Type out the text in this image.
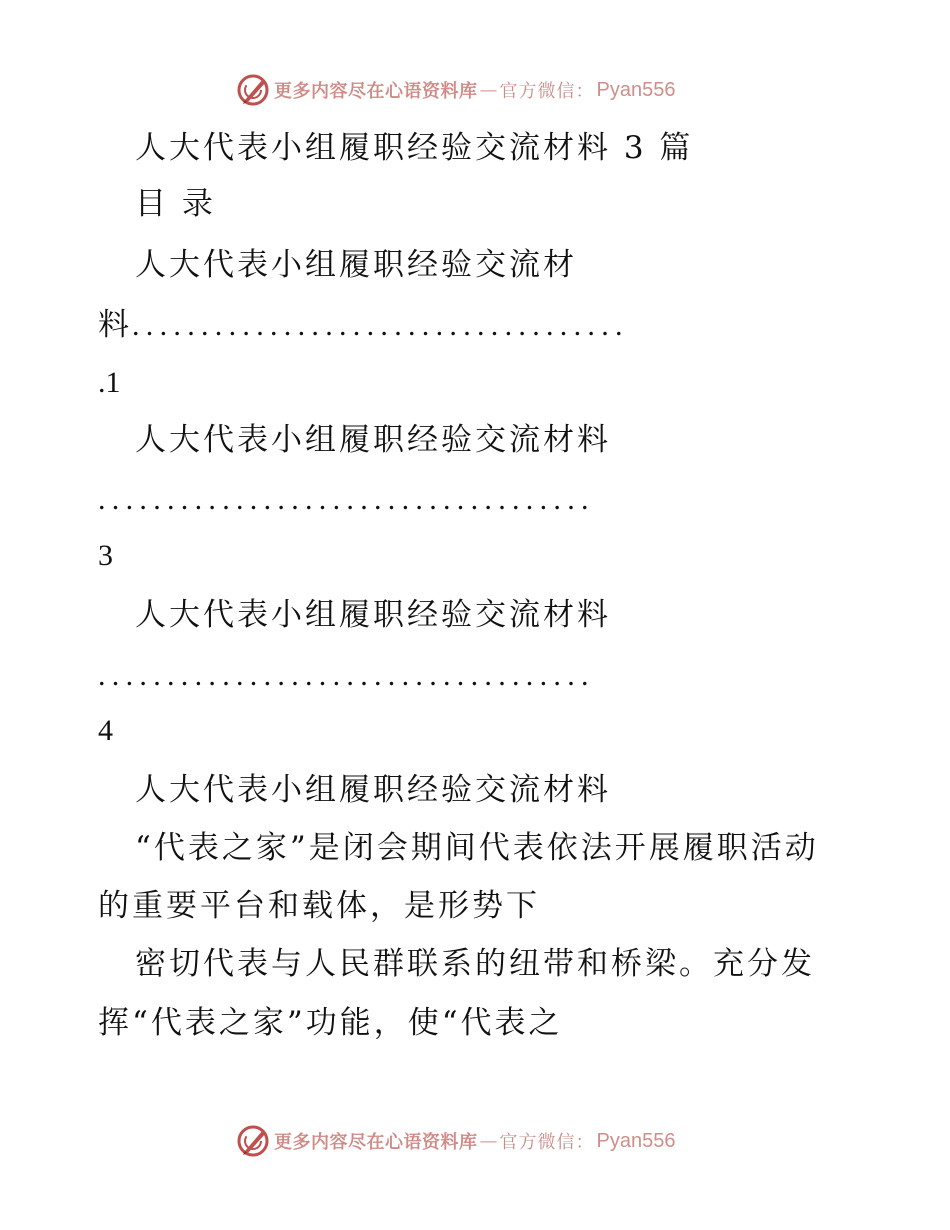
更多内容尽在心语资料库 — 官方微信： Pyan556
人大代表小组履职经验交流材料 3 篇
目 录
人大代表小组履职经验交流材
料....................................
.1
人大代表小组履职经验交流材料
....................................
3
人大代表小组履职经验交流材料
....................................
4
人大代表小组履职经验交流材料
“代表之家”是闭会期间代表依法开展履职活动
的重要平台和载体，是形势下
密切代表与人民群联系的纽带和桥梁。充分发
挥“代表之家”功能，使“代表之
更多内容尽在心语资料库 — 官方微信： Pyan556
